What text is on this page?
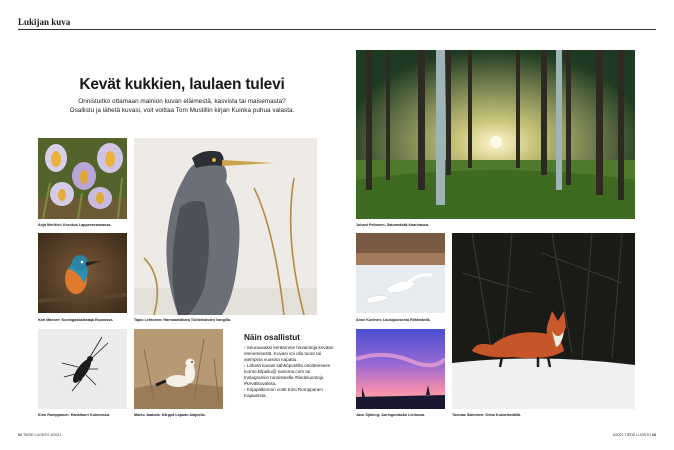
Lukijan kuva
Kevät kukkien, laulaen tulevi
Onnistuitko ottamaan mainion kuvan eläimestä, kasvista tai maisemasta?
Osallistu ja lähetä kuvasi, voit voittaa Tom Mustillin kirjan Kuinka puhua valasta.
Anja Merikivi: Krookus Lappeenrannassa.
Tapio Lehtonen: Harmaahaikara Töölönlahden hangilla.
Kari Manner: Kuningaskalastaja Espoossa.
Kirsi Romppanen: Hankikorri Kuhmossa.	Marko Jaakola: Kärppä Lapuan Alajoella.
Näin osallistut

› Seuraavaksi keräämme havaintoja kevään etenemisestä. Kuvasi voi olla tuore tai aiempina vuosina napattu.

› Lähetä kuvasi sähköpostilla osoitteeseen luonto.kilpailu@ sanoma.com tai Instagramiin tunnisteella #tiedeluontoja #kevätkuvakisa.

› Kirjapalkinnon voitti Kirsi Romppanen Kajaanista.

Juhani Peltonen: Satumetsää Kaarinassa.
Anne Kuvinen: Laulujoutsenia Riihimäellä.
Tuomas Salminen: Kettu Kukonkedällä.
Jasu Sjöberg: Auringonlasku Liedossa.
62 TIEDE LUONTO 3/2021	3/2021 TIEDE LUONTO 63
